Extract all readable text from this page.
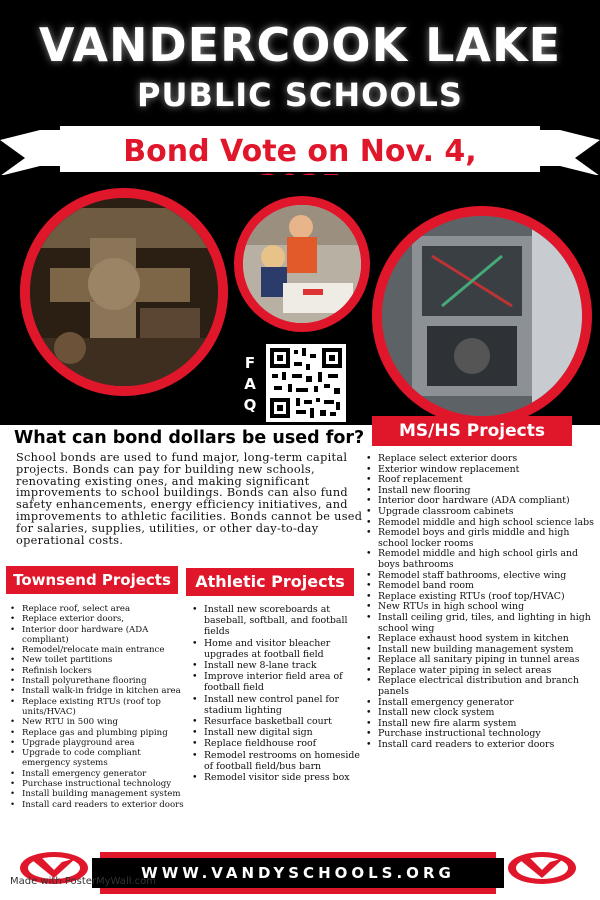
VANDERCOOK LAKE
PUBLIC SCHOOLS
Bond Vote on Nov. 4,
F
A
Q
What can bond dollars be used for?
School bonds are used to fund major, long-term capital projects. Bonds can pay for building new schools, renovating existing ones, and making significant improvements to school buildings. Bonds can also fund safety enhancements, energy efficiency initiatives, and improvements to athletic facilities. Bonds cannot be used for salaries, supplies, utilities, or other day-to-day operational costs.
MS/HS Projects
Townsend Projects	Athletic Projects
• Replace roof, select area
• Replace exterior doors,
• Interior door hardware (ADA compliant)
• Remodel/relocate main entrance
• New toilet partitions
• Refinish lockers
• Install polyurethane flooring
• Install walk-in fridge in kitchen area
• Replace existing RTUs (roof top units/HVAC)
• New RTU in 500 wing
• Replace gas and plumbing piping
• Upgrade playground area
• Upgrade to code compliant emergency systems
• Install emergency generator
• Purchase instructional technology
• Install building management system
• Install card readers to exterior doors
• Install new scoreboards at baseball, softball, and football fields
• Home and visitor bleacher upgrades at football field
• Install new 8-lane track
• Improve interior field area of football field
• Install new control panel for stadium lighting
• Resurface basketball court
• Install new digital sign
• Replace fieldhouse roof
• Remodel restrooms on homeside of football field/bus barn
• Remodel visitor side press box
• Replace select exterior doors
• Exterior window replacement
• Roof replacement
• Install new flooring
• Interior door hardware (ADA compliant)
• Upgrade classroom cabinets
• Remodel middle and high school science labs
• Remodel boys and girls middle and high school locker rooms
• Remodel middle and high school girls and boys bathrooms
• Remodel staff bathrooms, elective wing
• Remodel band room
• Replace existing RTUs (roof top/HVAC)
• New RTUs in high school wing
• Install ceiling grid, tiles, and lighting in high school wing
• Replace exhaust hood system in kitchen
• Install new building management system
• Replace all sanitary piping in tunnel areas
• Replace water piping in select areas
• Replace electrical distribution and branch panels
• Install emergency generator
• Install new clock system
• Install new fire alarm system
• Purchase instructional technology
• Install card readers to exterior doors
WWW.VANDYSCHOOLS.ORG
Made with PosterMyWall.com
